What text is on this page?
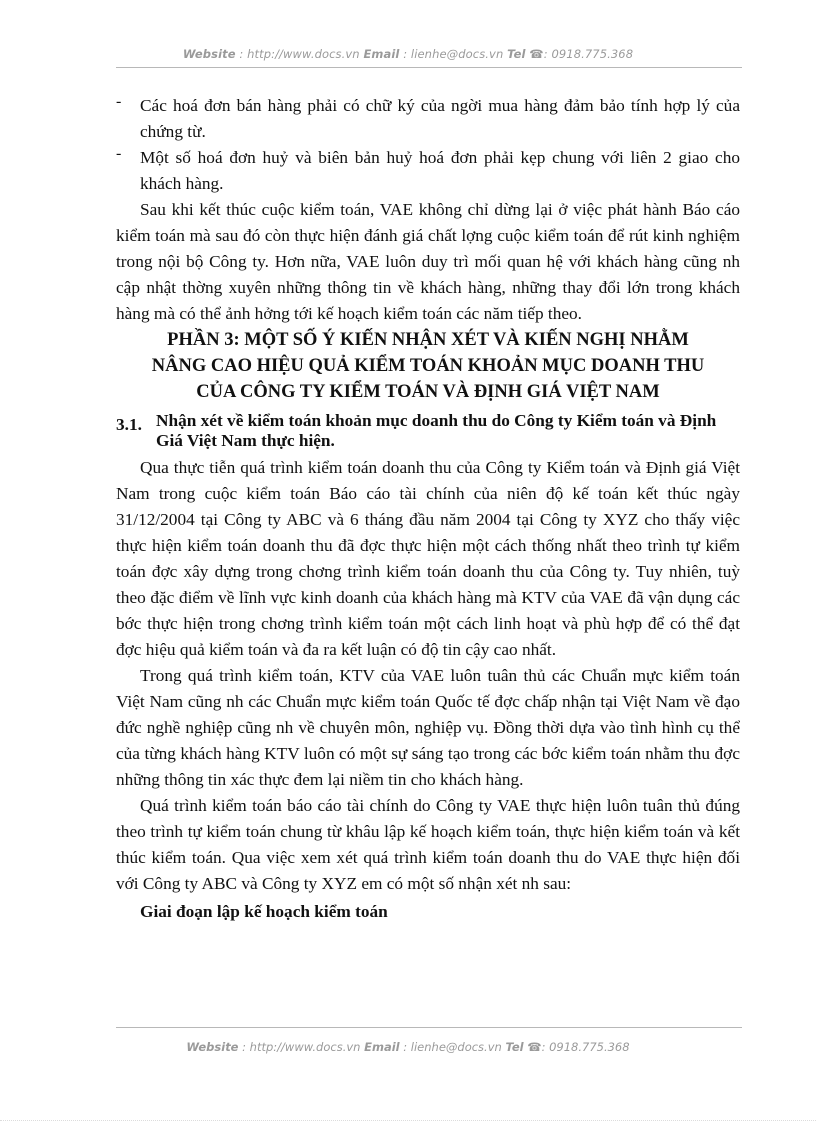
Website : http://www.docs.vn Email : lienhe@docs.vn Tel ☎: 0918.775.368
- Các hoá đơn bán hàng phải có chữ ký của ngời mua hàng đảm bảo tính hợp lý của chứng từ.
- Một số hoá đơn huỷ và biên bản huỷ hoá đơn phải kẹp chung với liên 2 giao cho khách hàng.
Sau khi kết thúc cuộc kiểm toán, VAE không chỉ dừng lại ở việc phát hành Báo cáo kiểm toán mà sau đó còn thực hiện đánh giá chất lợng cuộc kiểm toán để rút kinh nghiệm trong nội bộ Công ty. Hơn nữa, VAE luôn duy trì mối quan hệ với khách hàng cũng nh cập nhật thờng xuyên những thông tin về khách hàng, những thay đổi lớn trong khách hàng mà có thể ảnh hởng tới kế hoạch kiểm toán các năm tiếp theo.
PHẦN 3: MỘT SỐ Ý KIẾN NHẬN XÉT VÀ KIẾN NGHỊ NHẰM
NÂNG CAO HIỆU QUẢ KIỂM TOÁN KHOẢN MỤC DOANH THU
CỦA CÔNG TY KIỂM TOÁN VÀ ĐỊNH GIÁ VIỆT NAM
3.1. Nhận xét về kiểm toán khoản mục doanh thu do Công ty Kiểm toán và Định Giá Việt Nam thực hiện.
Qua thực tiễn quá trình kiểm toán doanh thu của Công ty Kiểm toán và Định giá Việt Nam trong cuộc kiểm toán Báo cáo tài chính của niên độ kế toán kết thúc ngày 31/12/2004 tại Công ty ABC và 6 tháng đầu năm 2004 tại Công ty XYZ cho thấy việc thực hiện kiểm toán doanh thu đã đợc thực hiện một cách thống nhất theo trình tự kiểm toán đợc xây dựng trong chơng trình kiểm toán doanh thu của Công ty. Tuy nhiên, tuỳ theo đặc điểm về lĩnh vực kinh doanh của khách hàng mà KTV của VAE đã vận dụng các bớc thực hiện trong chơng trình kiểm toán một cách linh hoạt và phù hợp để có thể đạt đợc hiệu quả kiểm toán và đa ra kết luận có độ tin cậy cao nhất.
Trong quá trình kiểm toán, KTV của VAE luôn tuân thủ các Chuẩn mực kiểm toán Việt Nam cũng nh các Chuẩn mực kiểm toán Quốc tế đợc chấp nhận tại Việt Nam về đạo đức nghề nghiệp cũng nh về chuyên môn, nghiệp vụ. Đồng thời dựa vào tình hình cụ thể của từng khách hàng KTV luôn có một sự sáng tạo trong các bớc kiểm toán nhằm thu đợc những thông tin xác thực đem lại niềm tin cho khách hàng.
Quá trình kiểm toán báo cáo tài chính do Công ty VAE thực hiện luôn tuân thủ đúng theo trình tự kiểm toán chung từ khâu lập kế hoạch kiểm toán, thực hiện kiểm toán và kết thúc kiểm toán. Qua việc xem xét quá trình kiểm toán doanh thu do VAE thực hiện đối với Công ty ABC và Công ty XYZ em có một số nhận xét nh sau:
Giai đoạn lập kế hoạch kiểm toán
Website : http://www.docs.vn Email : lienhe@docs.vn Tel ☎: 0918.775.368
